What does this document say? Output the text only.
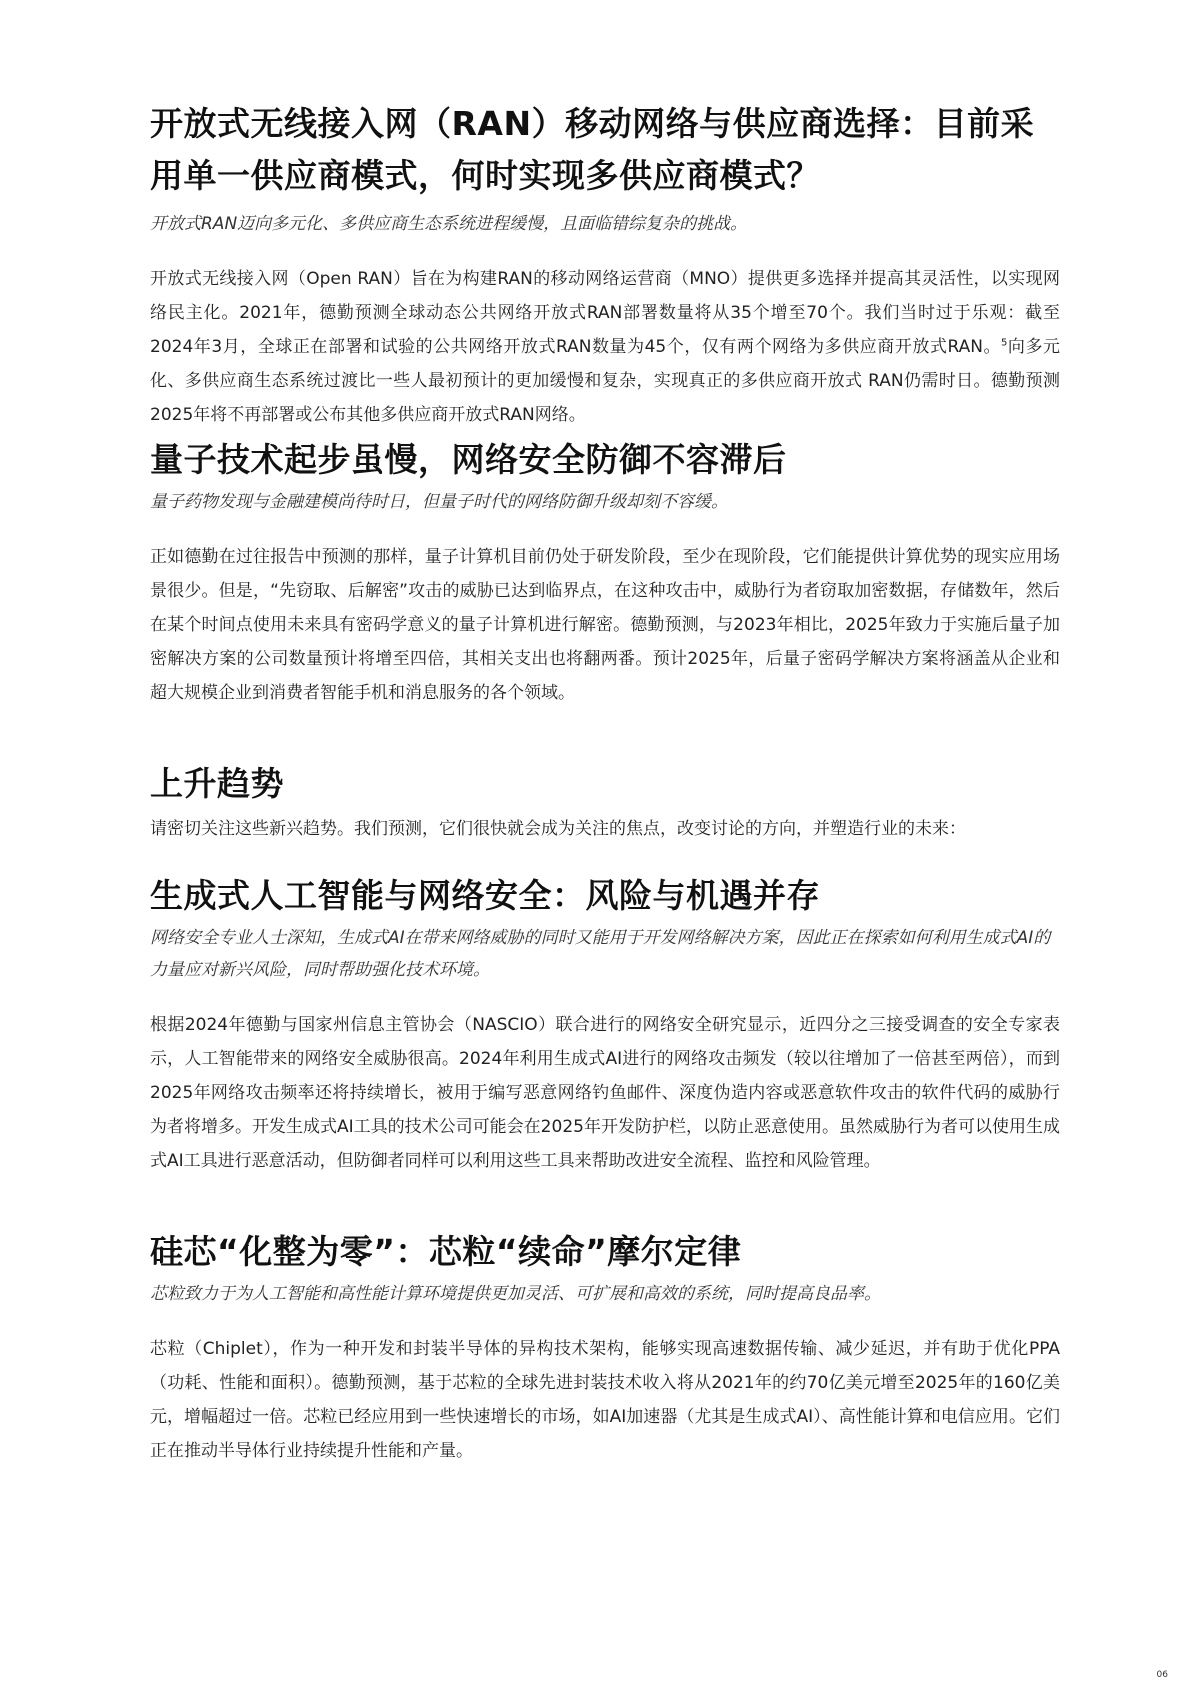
开放式无线接入网（RAN）移动网络与供应商选择：目前采用单一供应商模式，何时实现多供应商模式？

开放式RAN迈向多元化、多供应商生态系统进程缓慢，且面临错综复杂的挑战。

开放式无线接入网（Open RAN）旨在为构建RAN的移动网络运营商（MNO）提供更多选择并提高其灵活性，以实现网络民主化。2021年，德勤预测全球动态公共网络开放式RAN部署数量将从35个增至70个。我们当时过于乐观：截至2024年3月，全球正在部署和试验的公共网络开放式RAN数量为45个，仅有两个网络为多供应商开放式RAN。$^5$向多元化、多供应商生态系统过渡比一些人最初预计的更加缓慢和复杂，实现真正的多供应商开放式 RAN仍需时日。德勤预测2025年将不再部署或公布其他多供应商开放式RAN网络。

量子技术起步虽慢，网络安全防御不容滞后

量子药物发现与金融建模尚待时日，但量子时代的网络防御升级却刻不容缓。

正如德勤在过往报告中预测的那样，量子计算机目前仍处于研发阶段，至少在现阶段，它们能提供计算优势的现实应用场景很少。但是，“先窃取、后解密”攻击的威胁已达到临界点，在这种攻击中，威胁行为者窃取加密数据，存储数年，然后在某个时间点使用未来具有密码学意义的量子计算机进行解密。德勤预测，与2023年相比，2025年致力于实施后量子加密解决方案的公司数量预计将增至四倍，其相关支出也将翻两番。预计2025年，后量子密码学解决方案将涵盖从企业和超大规模企业到消费者智能手机和消息服务的各个领域。

上升趋势

请密切关注这些新兴趋势。我们预测，它们很快就会成为关注的焦点，改变讨论的方向，并塑造行业的未来：

生成式人工智能与网络安全：风险与机遇并存

网络安全专业人士深知，生成式AI在带来网络威胁的同时又能用于开发网络解决方案，因此正在探索如何利用生成式AI的力量应对新兴风险，同时帮助强化技术环境。

根据2024年德勤与国家州信息主管协会（NASCIO）联合进行的网络安全研究显示，近四分之三接受调查的安全专家表示，人工智能带来的网络安全威胁很高。2024年利用生成式AI进行的网络攻击频发（较以往增加了一倍甚至两倍），而到2025年网络攻击频率还将持续增长，被用于编写恶意网络钓鱼邮件、深度伪造内容或恶意软件攻击的软件代码的威胁行为者将增多。开发生成式AI工具的技术公司可能会在2025年开发防护栏，以防止恶意使用。虽然威胁行为者可以使用生成式AI工具进行恶意活动，但防御者同样可以利用这些工具来帮助改进安全流程、监控和风险管理。

硅芯“化整为零”：芯粒“续命”摩尔定律

芯粒致力于为人工智能和高性能计算环境提供更加灵活、可扩展和高效的系统，同时提高良品率。

芯粒（Chiplet），作为一种开发和封装半导体的异构技术架构，能够实现高速数据传输、减少延迟，并有助于优化PPA（功耗、性能和面积）。德勤预测，基于芯粒的全球先进封装技术收入将从2021年的约70亿美元增至2025年的160亿美元，增幅超过一倍。芯粒已经应用到一些快速增长的市场，如AI加速器（尤其是生成式AI）、高性能计算和电信应用。它们正在推动半导体行业持续提升性能和产量。

06
